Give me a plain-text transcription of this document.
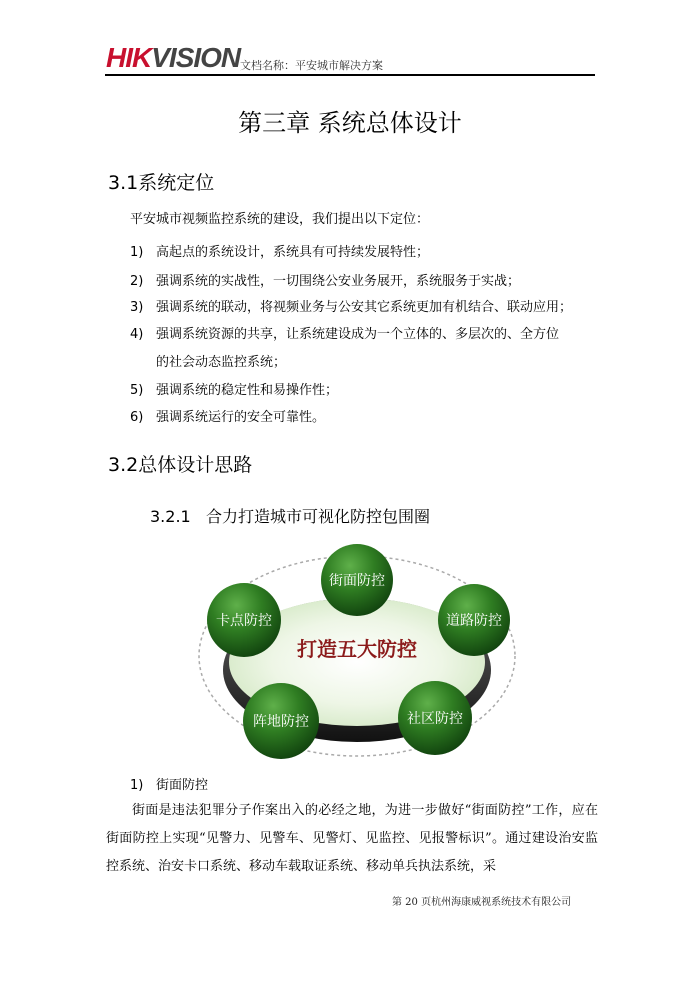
HIKVISION 文档名称：平安城市解决方案
第三章 系统总体设计
3.1系统定位
平安城市视频监控系统的建设，我们提出以下定位：
1) 高起点的系统设计，系统具有可持续发展特性；
2) 强调系统的实战性，一切围绕公安业务展开，系统服务于实战；
3) 强调系统的联动，将视频业务与公安其它系统更加有机结合、联动应用；
4) 强调系统资源的共享，让系统建设成为一个立体的、多层次的、全方位
的社会动态监控系统；
5) 强调系统的稳定性和易操作性；
6) 强调系统运行的安全可靠性。
3.2总体设计思路
3.2.1 合力打造城市可视化防控包围圈
打造五大防控
街面防控
道路防控
社区防控
阵地防控
卡点防控
1) 街面防控
街面是违法犯罪分子作案出入的必经之地，为进一步做好“街面防控”工作，应在街面防控上实现“见警力、见警车、见警灯、见监控、见报警标识”。通过建设治安监控系统、治安卡口系统、移动车载取证系统、移动单兵执法系统，采
第 20 页杭州海康威视系统技术有限公司
